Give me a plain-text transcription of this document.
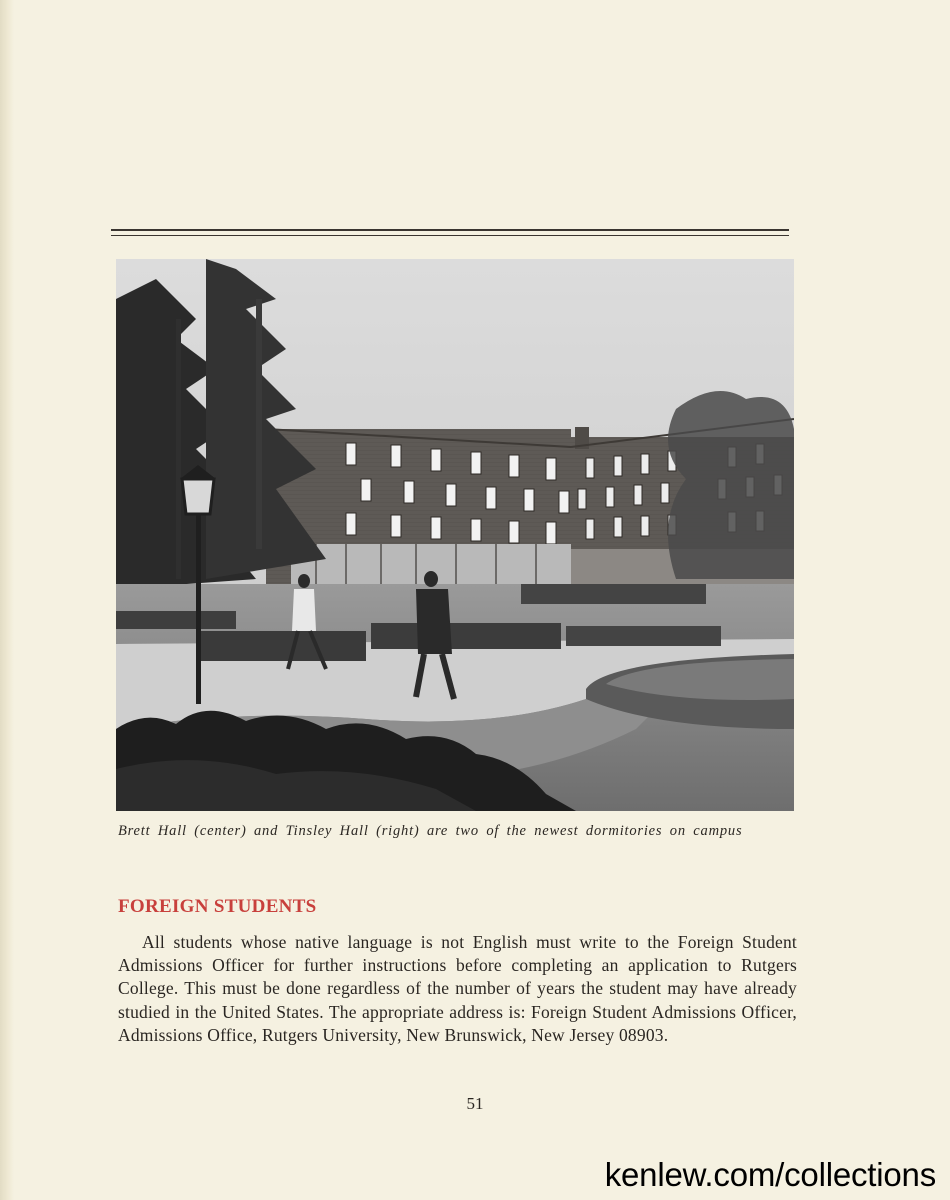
Brett Hall (center) and Tinsley Hall (right) are two of the newest dormitories on campus
FOREIGN STUDENTS

All students whose native language is not English must write to the Foreign Student Admissions Officer for further instructions before completing an application to Rutgers College. This must be done regardless of the number of years the student may have already studied in the United States. The appropriate address is: Foreign Student Admissions Officer, Admissions Office, Rutgers University, New Brunswick, New Jersey 08903.

51
kenlew.com/collections
